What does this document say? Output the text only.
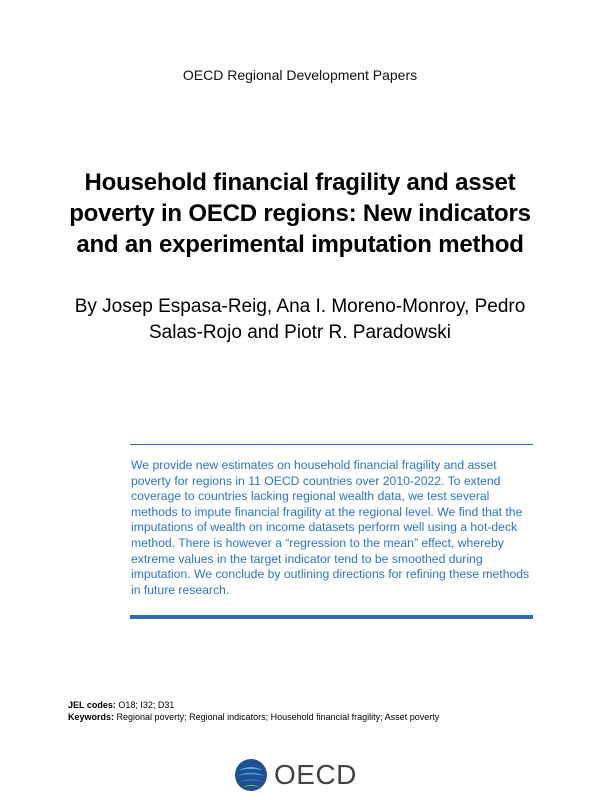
OECD Regional Development Papers
Household financial fragility and asset poverty in OECD regions: New indicators and an experimental imputation method
By Josep Espasa-Reig, Ana I. Moreno-Monroy, Pedro Salas-Rojo and Piotr R. Paradowski
We provide new estimates on household financial fragility and asset poverty for regions in 11 OECD countries over 2010-2022. To extend coverage to countries lacking regional wealth data, we test several methods to impute financial fragility at the regional level. We find that the imputations of wealth on income datasets perform well using a hot-deck method. There is however a “regression to the mean” effect, whereby extreme values in the target indicator tend to be smoothed during imputation. We conclude by outlining directions for refining these methods in future research.
JEL codes: O18; I32; D31
Keywords: Regional poverty; Regional indicators; Household financial fragility; Asset poverty
OECD
